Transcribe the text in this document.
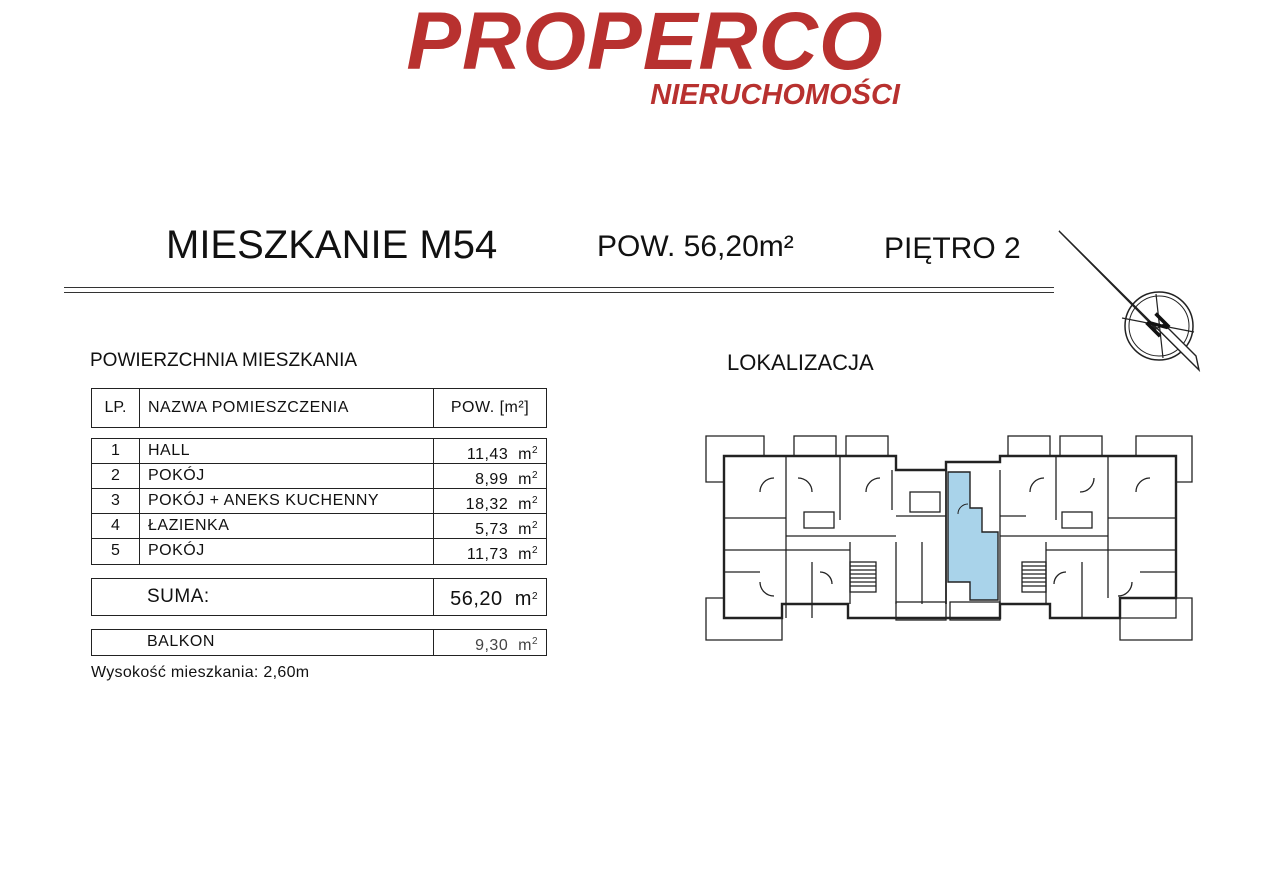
PROPERCO
NIERUCHOMOŚCI
MIESZKANIE M54	POW. 56,20m²	PIĘTRO 2
N
POWIERZCHNIA MIESZKANIA	LOKALIZACJA
LP.	NAZWA POMIESZCZENIA	POW. [m²]
1	HALL	11,43 $m^2$
2	POKÓJ	8,99 $m^2$
3	POKÓJ + ANEKS KUCHENNY	18,32 $m^2$
4	ŁAZIENKA	5,73 $m^2$
5	POKÓJ	11,73 $m^2$
SUMA:	56,20 $m^2$
BALKON	9,30 $m^2$
Wysokość mieszkania: 2,60m
